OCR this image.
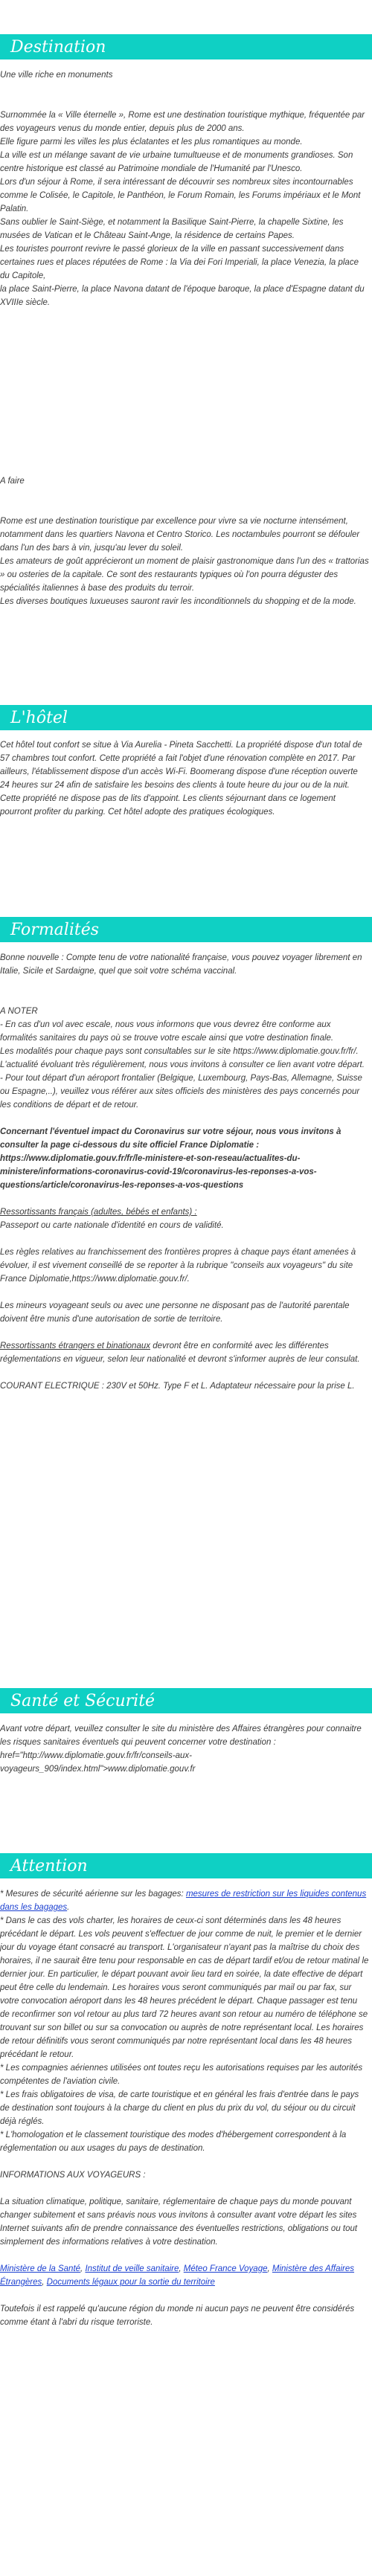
Destination

Une ville riche en monuments

Surnommée la « Ville éternelle », Rome est une destination touristique mythique, fréquentée par des voyageurs venus du monde entier, depuis plus de 2000 ans.

Elle figure parmi les villes les plus éclatantes et les plus romantiques au monde.

La ville est un mélange savant de vie urbaine tumultueuse et de monuments grandioses. Son centre historique est classé au Patrimoine mondiale de l'Humanité par l'Unesco.

Lors d'un séjour à Rome, il sera intéressant de découvrir ses nombreux sites incontournables comme le Colisée, le Capitole, le Panthéon, le Forum Romain, les Forums impériaux et le Mont Palatin.

Sans oublier le Saint-Siège, et notamment la Basilique Saint-Pierre, la chapelle Sixtine, les musées de Vatican et le Château Saint-Ange, la résidence de certains Papes.

Les touristes pourront revivre le passé glorieux de la ville en passant successivement dans certaines rues et places réputées de Rome : la Via dei Fori Imperiali, la place Venezia, la place du Capitole,

la place Saint-Pierre, la place Navona datant de l'époque baroque, la place d'Espagne datant du XVIIIe siècle.

A faire

Rome est une destination touristique par excellence pour vivre sa vie nocturne intensément, notamment dans les quartiers Navona et Centro Storico. Les noctambules pourront se défouler dans l'un des bars à vin, jusqu'au lever du soleil.

Les amateurs de goût apprécieront un moment de plaisir gastronomique dans l'un des « trattorias » ou osteries de la capitale. Ce sont des restaurants typiques où l'on pourra déguster des spécialités italiennes à base des produits du terroir.

Les diverses boutiques luxueuses sauront ravir les inconditionnels du shopping et de la mode.

L'hôtel

Cet hôtel tout confort se situe à Via Aurelia - Pineta Sacchetti. La propriété dispose d'un total de 57 chambres tout confort. Cette propriété a fait l'objet d'une rénovation complète en 2017. Par ailleurs, l'établissement dispose d'un accès Wi-Fi. Boomerang dispose d'une réception ouverte 24 heures sur 24 afin de satisfaire les besoins des clients à toute heure du jour ou de la nuit. Cette propriété ne dispose pas de lits d'appoint. Les clients séjournant dans ce logement pourront profiter du parking. Cet hôtel adopte des pratiques écologiques.

Formalités

Bonne nouvelle : Compte tenu de votre nationalité française, vous pouvez voyager librement en Italie, Sicile et Sardaigne, quel que soit votre schéma vaccinal.

A NOTER

- En cas d'un vol avec escale, nous vous informons que vous devrez être conforme aux formalités sanitaires du pays où se trouve votre escale ainsi que votre destination finale.

Les modalités pour chaque pays sont consultables sur le site https://www.diplomatie.gouv.fr/fr/. L'actualité évoluant très régulièrement, nous vous invitons à consulter ce lien avant votre départ.

- Pour tout départ d'un aéroport frontalier (Belgique, Luxembourg, Pays-Bas, Allemagne, Suisse ou Espagne,..), veuillez vous référer aux sites officiels des ministères des pays concernés pour les conditions de départ et de retour.

Concernant l'éventuel impact du Coronavirus sur votre séjour, nous vous invitons à consulter la page ci-dessous du site officiel France Diplomatie : https://www.diplomatie.gouv.fr/fr/le-ministere-et-son-reseau/actualites-du-ministere/informations-coronavirus-covid-19/coronavirus-les-reponses-a-vos-questions/article/coronavirus-les-reponses-a-vos-questions

Ressortissants français (adultes, bébés et enfants) :

Passeport ou carte nationale d'identité en cours de validité.

Les règles relatives au franchissement des frontières propres à chaque pays étant amenées à évoluer, il est vivement conseillé de se reporter à la rubrique "conseils aux voyageurs" du site France Diplomatie,https://www.diplomatie.gouv.fr/.

Les mineurs voyageant seuls ou avec une personne ne disposant pas de l'autorité parentale doivent être munis d'une autorisation de sortie de territoire.

Ressortissants étrangers et binationaux devront être en conformité avec les différentes réglementations en vigueur, selon leur nationalité et devront s'informer auprès de leur consulat.

COURANT ELECTRIQUE : 230V et 50Hz. Type F et L. Adaptateur nécessaire pour la prise L.

Santé et Sécurité

Avant votre départ, veuillez consulter le site du ministère des Affaires étrangères pour connaitre les risques sanitaires éventuels qui peuvent concerner votre destination : href="http://www.diplomatie.gouv.fr/fr/conseils-aux-voyageurs_909/index.html">www.diplomatie.gouv.fr

Attention

* Mesures de sécurité aérienne sur les bagages: mesures de restriction sur les liquides contenus dans les bagages.

* Dans le cas des vols charter, les horaires de ceux-ci sont déterminés dans les 48 heures précédant le départ. Les vols peuvent s'effectuer de jour comme de nuit, le premier et le dernier jour du voyage étant consacré au transport. L'organisateur n'ayant pas la maîtrise du choix des horaires, il ne saurait être tenu pour responsable en cas de départ tardif et/ou de retour matinal le dernier jour. En particulier, le départ pouvant avoir lieu tard en soirée, la date effective de départ peut être celle du lendemain. Les horaires vous seront communiqués par mail ou par fax, sur votre convocation aéroport dans les 48 heures précédent le départ. Chaque passager est tenu de reconfirmer son vol retour au plus tard 72 heures avant son retour au numéro de téléphone se trouvant sur son billet ou sur sa convocation ou auprès de notre représentant local. Les horaires de retour définitifs vous seront communiqués par notre représentant local dans les 48 heures précédant le retour.

* Les compagnies aériennes utilisées ont toutes reçu les autorisations requises par les autorités compétentes de l'aviation civile.

* Les frais obligatoires de visa, de carte touristique et en général les frais d'entrée dans le pays de destination sont toujours à la charge du client en plus du prix du vol, du séjour ou du circuit déjà réglés.

* L'homologation et le classement touristique des modes d'hébergement correspondent à la réglementation ou aux usages du pays de destination.

INFORMATIONS AUX VOYAGEURS :

La situation climatique, politique, sanitaire, réglementaire de chaque pays du monde pouvant changer subitement et sans préavis nous vous invitons à consulter avant votre départ les sites Internet suivants afin de prendre connaissance des éventuelles restrictions, obligations ou tout simplement des informations relatives à votre destination.

Ministère de la Santé, Institut de veille sanitaire, Méteo France Voyage, Ministère des Affaires Étrangères, Documents légaux pour la sortie du territoire

Toutefois il est rappelé qu'aucune région du monde ni aucun pays ne peuvent être considérés comme étant à l'abri du risque terroriste.
